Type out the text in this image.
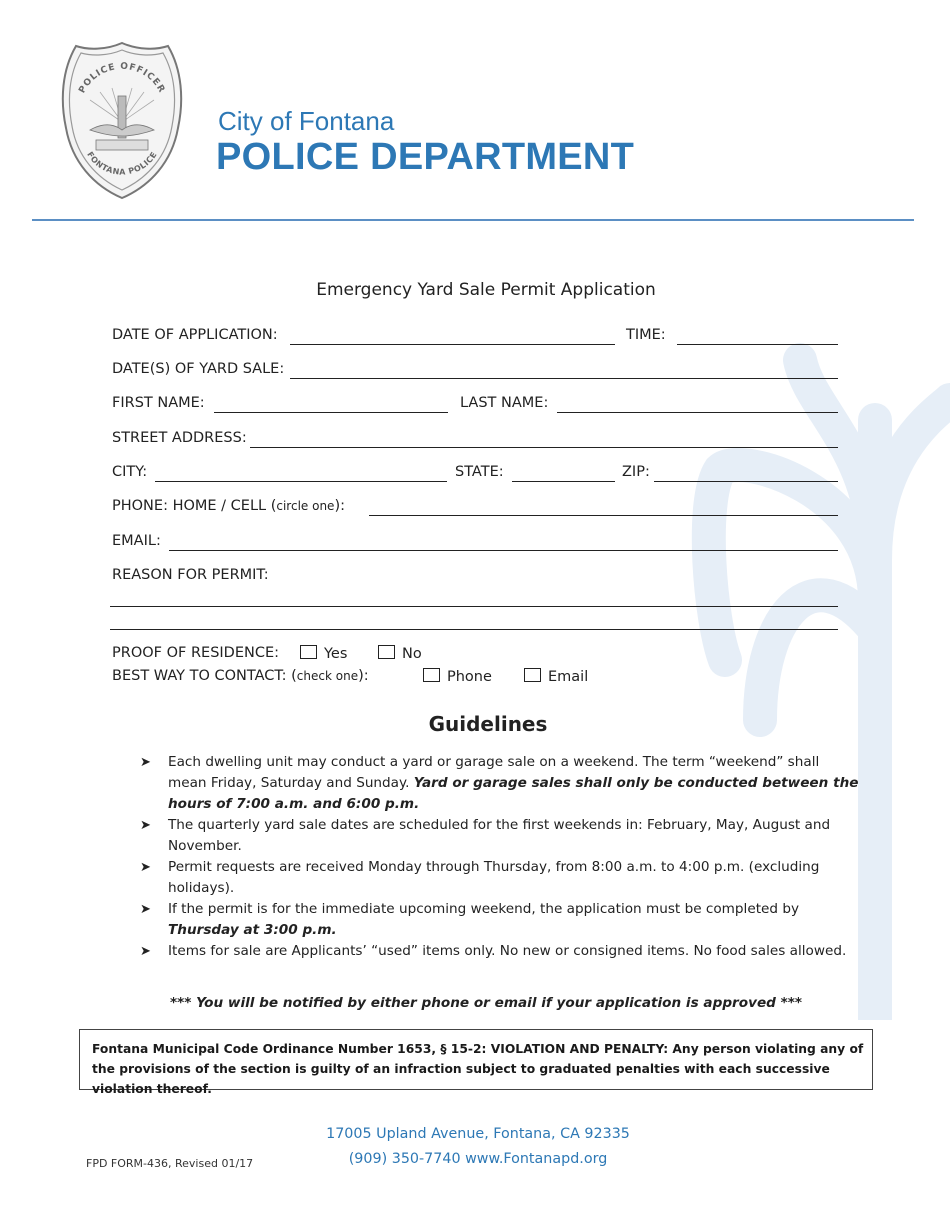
POLICE OFFICER
FONTANA POLICE
City of Fontana
POLICE DEPARTMENT
Emergency Yard Sale Permit Application
DATE OF APPLICATION:	TIME:
DATE(S) OF YARD SALE:
FIRST NAME:	LAST NAME:
STREET ADDRESS:
CITY:	STATE:	ZIP:
PHONE: HOME / CELL (circle one):
EMAIL:
REASON FOR PERMIT:
PROOF OF RESIDENCE:	Yes	No
BEST WAY TO CONTACT: (check one):	Phone	Email
Guidelines
➤ Each dwelling unit may conduct a yard or garage sale on a weekend. The term “weekend” shall mean Friday, Saturday and Sunday. Yard or garage sales shall only be conducted between the hours of 7:00 a.m. and 6:00 p.m.
➤ The quarterly yard sale dates are scheduled for the first weekends in: February, May, August and November.
➤ Permit requests are received Monday through Thursday, from 8:00 a.m. to 4:00 p.m. (excluding holidays).
➤ If the permit is for the immediate upcoming weekend, the application must be completed by Thursday at 3:00 p.m.
➤ Items for sale are Applicants’ “used” items only. No new or consigned items. No food sales allowed.
*** You will be notified by either phone or email if your application is approved ***
Fontana Municipal Code Ordinance Number 1653, § 15-2: VIOLATION AND PENALTY: Any person violating any of the provisions of the section is guilty of an infraction subject to graduated penalties with each successive violation thereof.
17005 Upland Avenue, Fontana, CA 92335
(909) 350-7740 www.Fontanapd.org
FPD FORM-436, Revised 01/17
